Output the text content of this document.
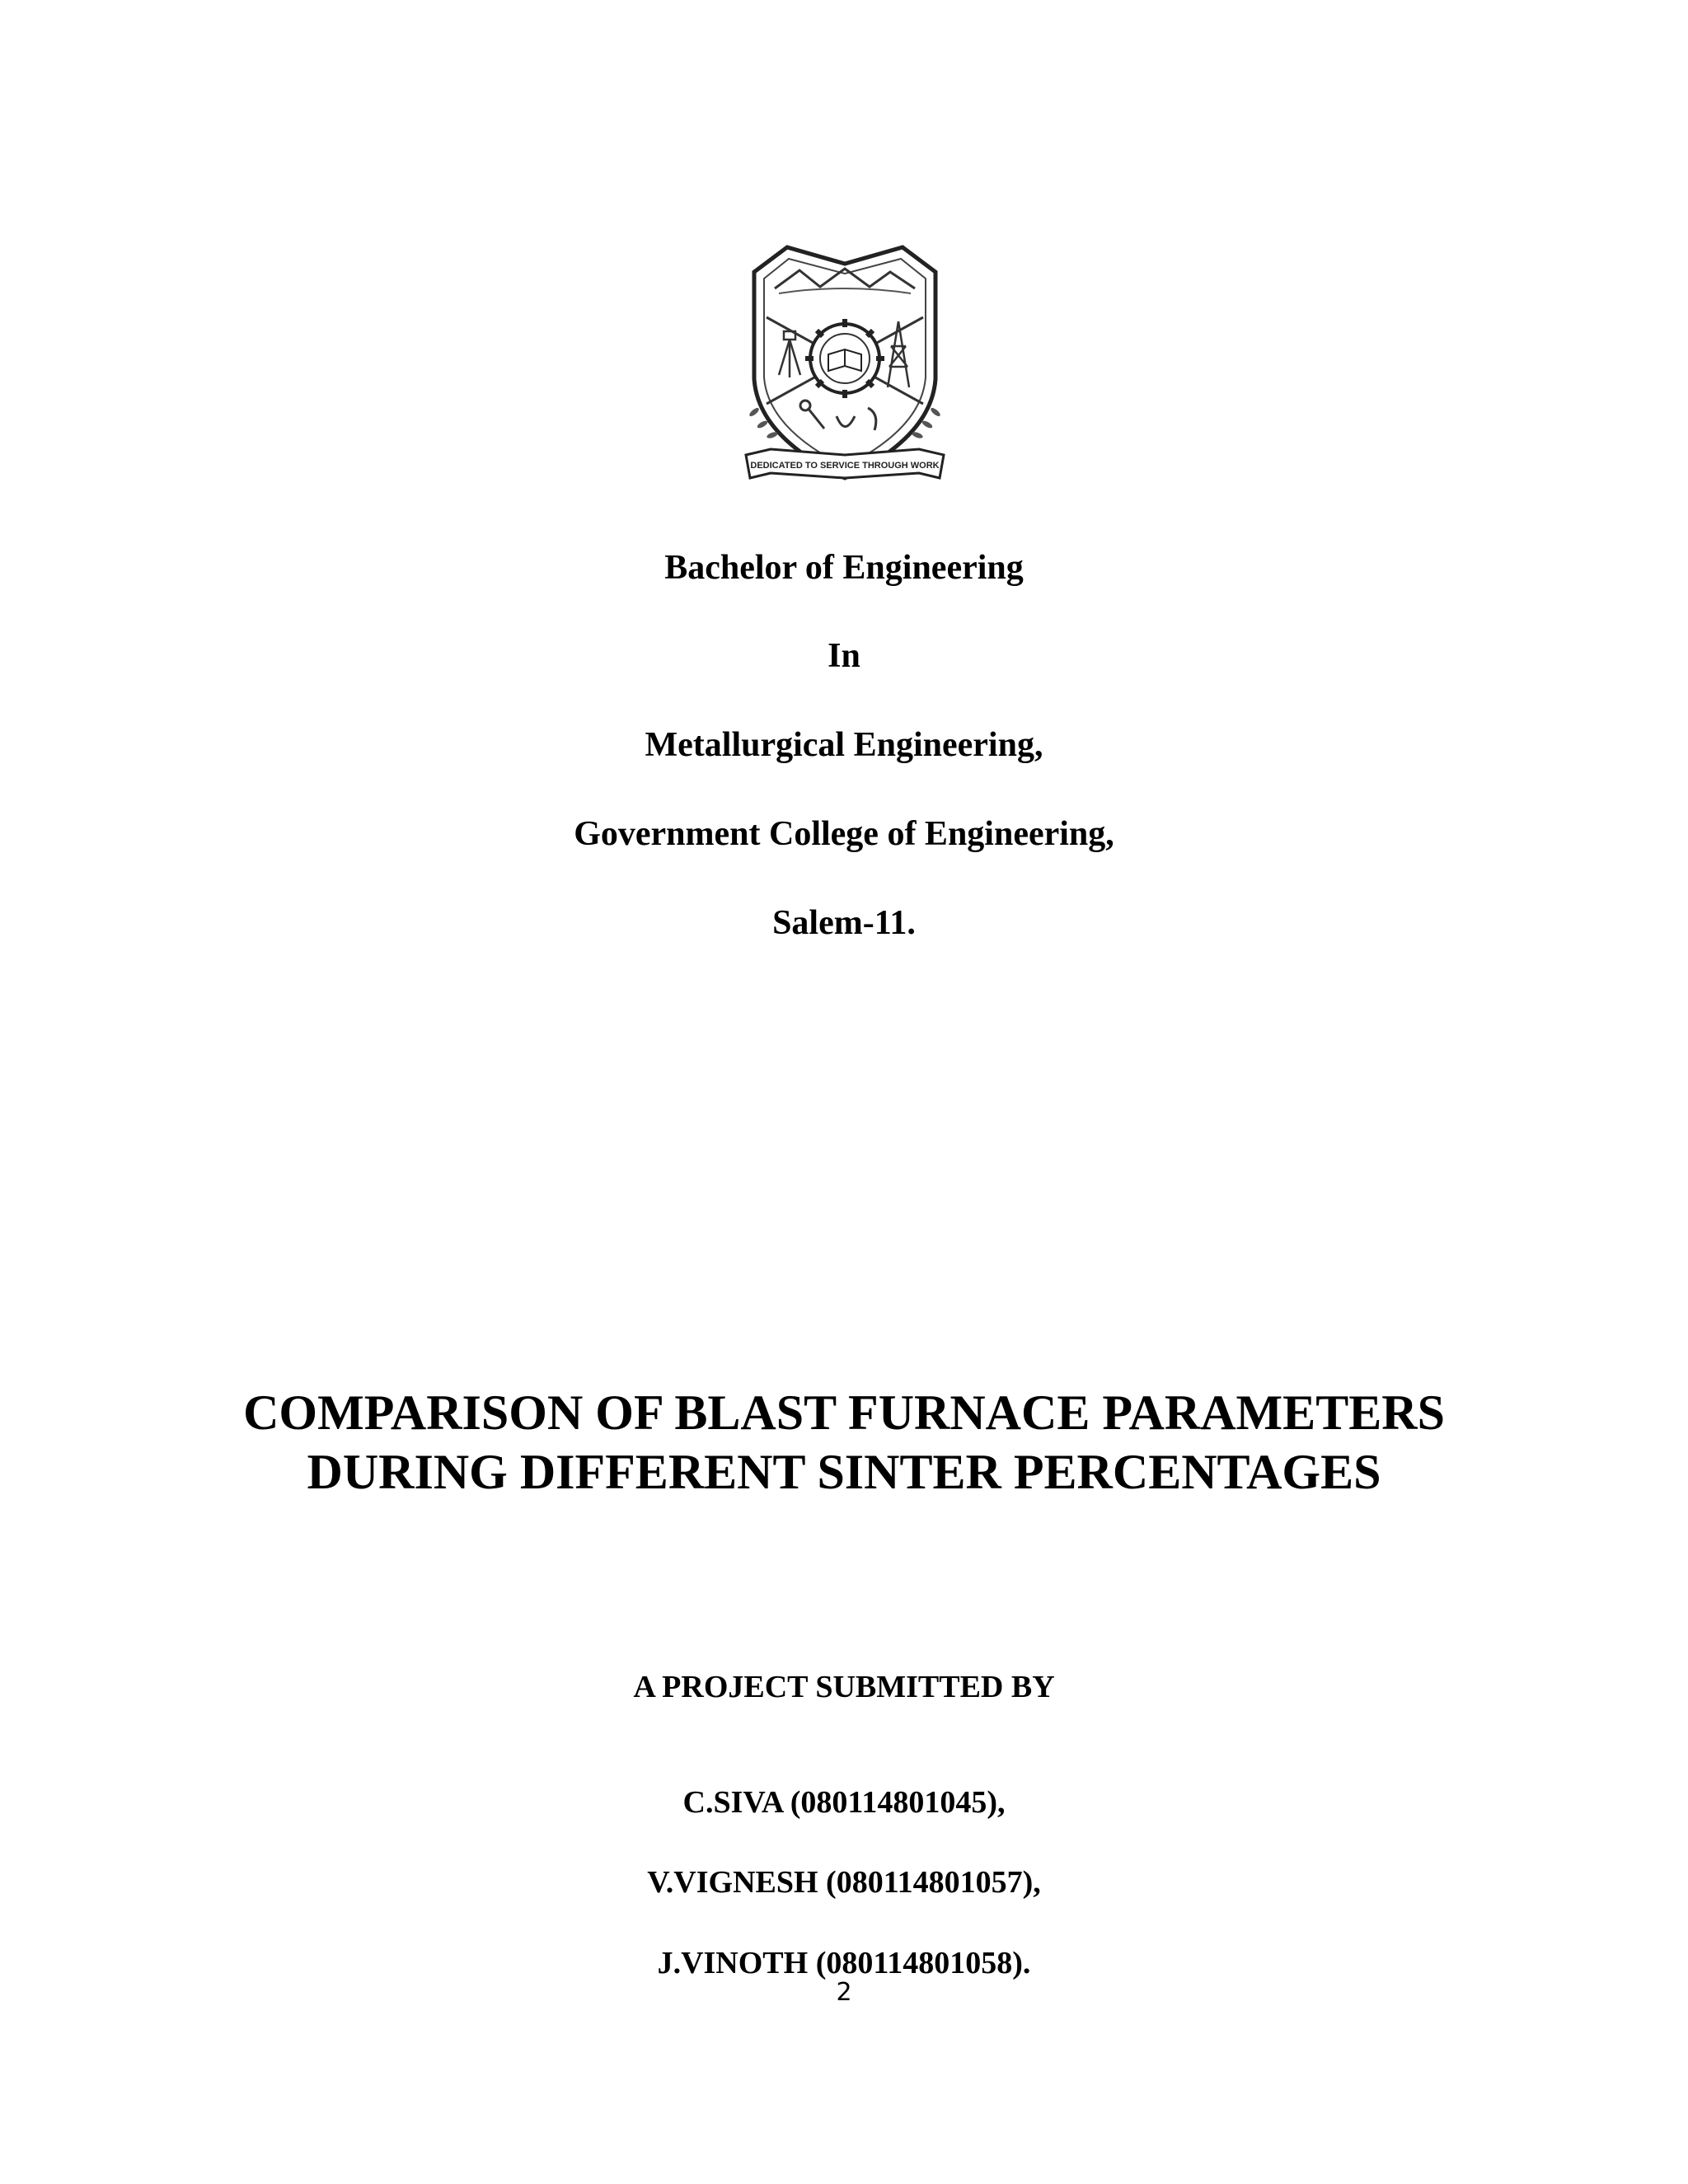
DEDICATED TO SERVICE THROUGH WORK
Bachelor of Engineering
In
Metallurgical Engineering,
Government College of Engineering,
Salem-11.
COMPARISON OF BLAST FURNACE PARAMETERS
DURING DIFFERENT SINTER PERCENTAGES
A PROJECT SUBMITTED BY
C.SIVA (080114801045),
V.VIGNESH (080114801057),
J.VINOTH (080114801058).
2
